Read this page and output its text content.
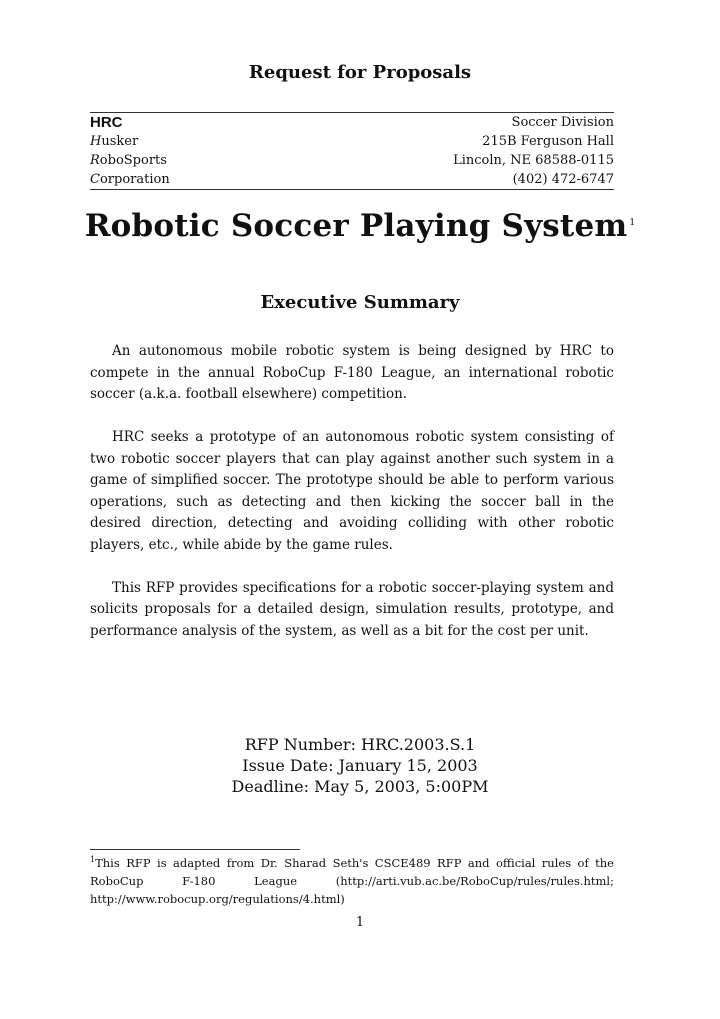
Request for Proposals
HRC	Soccer Division
Husker	215B Ferguson Hall
RoboSports	Lincoln, NE 68588-0115
Corporation	(402) 472-6747
Robotic Soccer Playing System $^1$
Executive Summary

An autonomous mobile robotic system is being designed by HRC to compete in the annual RoboCup F-180 League, an international robotic soccer (a.k.a. football elsewhere) competition.

HRC seeks a prototype of an autonomous robotic system consisting of two robotic soccer players that can play against another such system in a game of simplified soccer. The prototype should be able to perform various operations, such as detecting and then kicking the soccer ball in the desired direction, detecting and avoiding colliding with other robotic players, etc., while abide by the game rules.

This RFP provides specifications for a robotic soccer-playing system and solicits proposals for a detailed design, simulation results, prototype, and performance analysis of the system, as well as a bit for the cost per unit.

RFP Number: HRC.2003.S.1
Issue Date: January 15, 2003
Deadline: May 5, 2003, 5:00PM
$^1$This RFP is adapted from Dr. Sharad Seth's CSCE489 RFP and official rules of the RoboCup F-180 League (http://arti.vub.ac.be/RoboCup/rules/rules.html; http://www.robocup.org/regulations/4.html)
1
